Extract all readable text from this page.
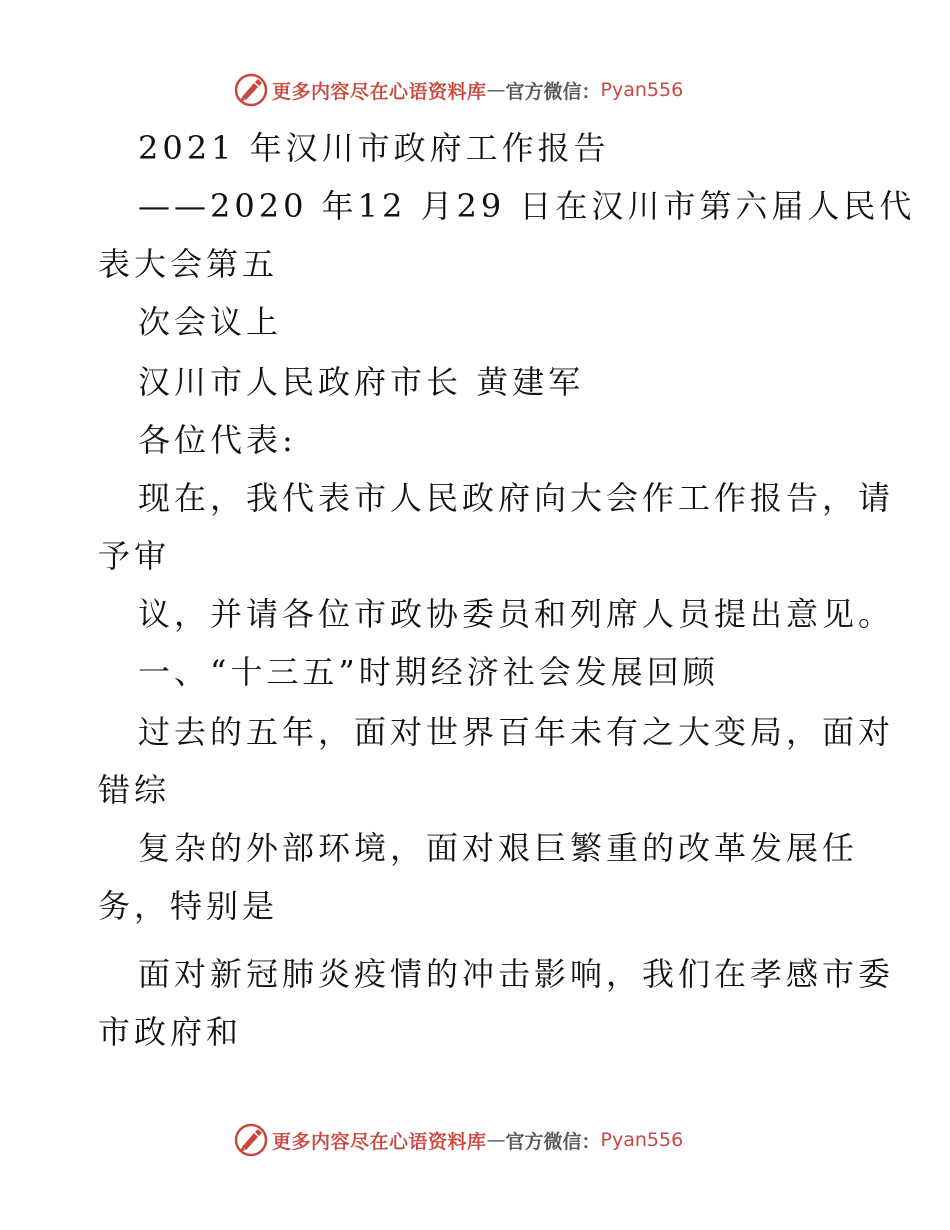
更多内容尽在心语资料库 — 官方微信： Pyan556
2021 年汉川市政府工作报告
——2020 年12 月29 日在汉川市第六届人民代
表大会第五
次会议上
汉川市人民政府市长 黄建军
各位代表:
现在，我代表市人民政府向大会作工作报告，请
予审
议，并请各位市政协委员和列席人员提出意见。
一、“十三五”时期经济社会发展回顾
过去的五年，面对世界百年未有之大变局，面对
错综
复杂的外部环境，面对艰巨繁重的改革发展任
务，特别是
面对新冠肺炎疫情的冲击影响，我们在孝感市委
市政府和
更多内容尽在心语资料库 — 官方微信： Pyan556
